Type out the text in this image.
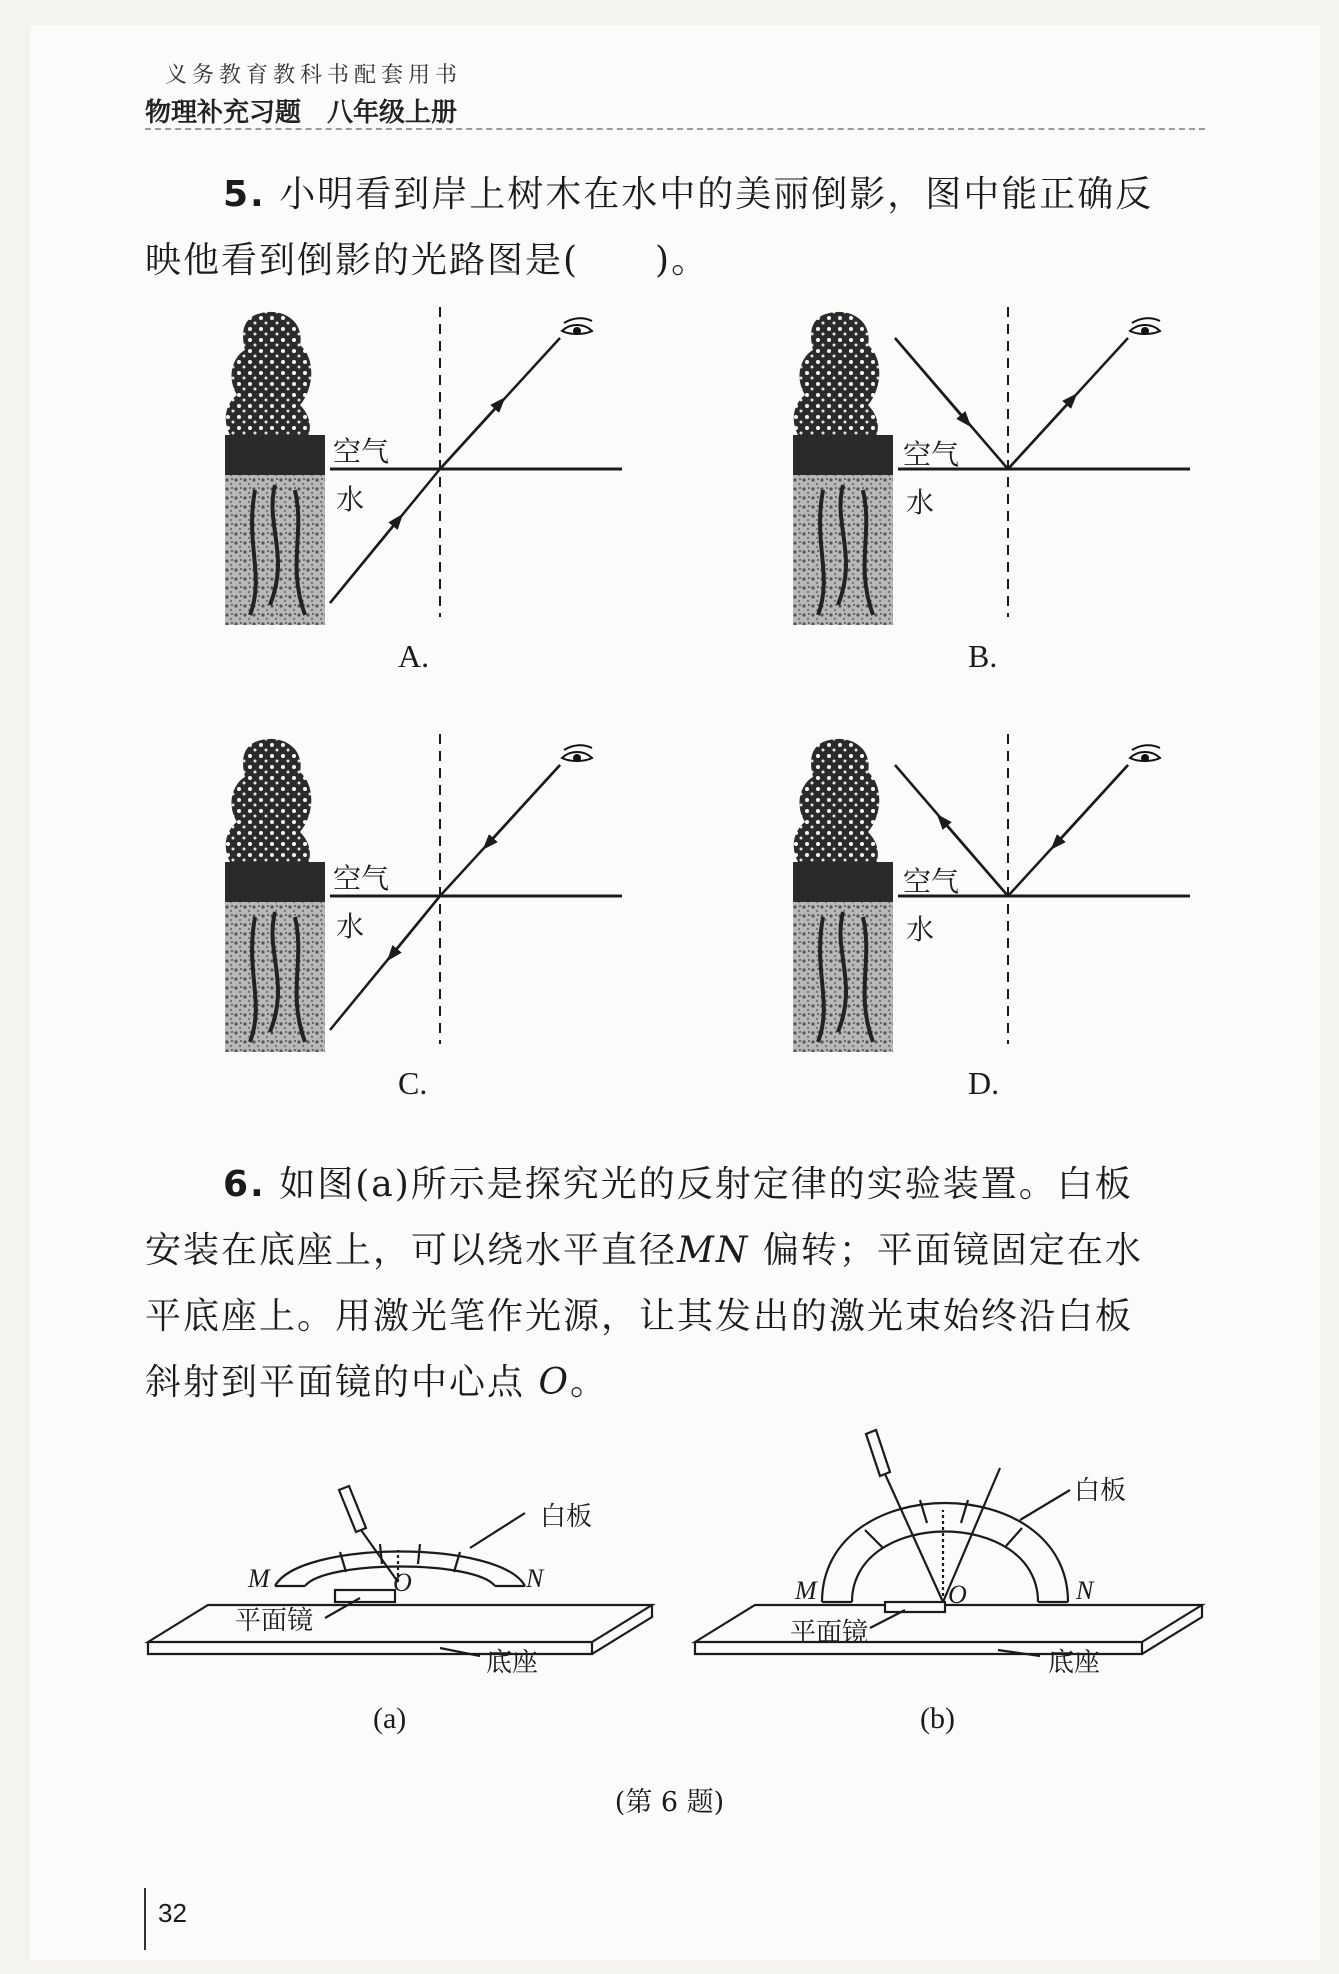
义务教育教科书配套用书
物理补充习题　八年级上册
5. 小明看到岸上树木在水中的美丽倒影，图中能正确反
映他看到倒影的光路图是(　　)。
空气
水
空气
水
空气
水
空气
水
A.	B.
C.	D.
6. 如图(a)所示是探究光的反射定律的实验装置。白板
安装在底座上，可以绕水平直径MN 偏转；平面镜固定在水
平底座上。用激光笔作光源，让其发出的激光束始终沿白板
斜射到平面镜的中心点 O。
白板
M	O	N
平面镜
底座
(a)
白板
M	O	N
平面镜
底座
(b)
(第 6 题)
32
